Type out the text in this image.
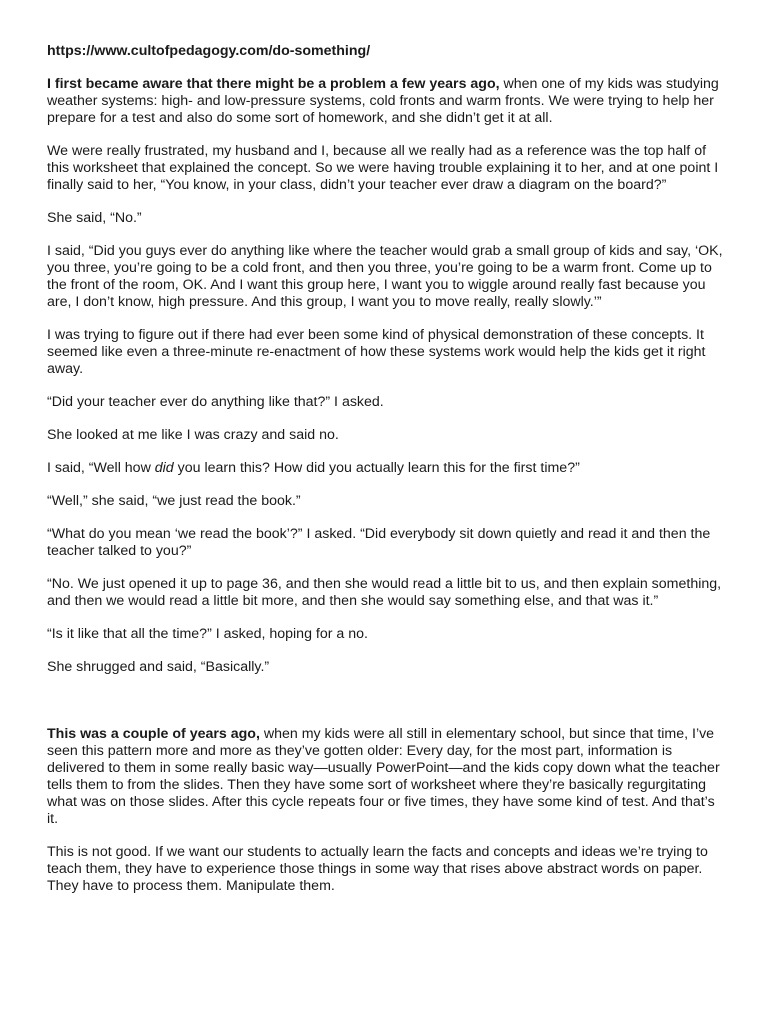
https://www.cultofpedagogy.com/do-something/

I first became aware that there might be a problem a few years ago, when one of my kids was studying weather systems: high- and low-pressure systems, cold fronts and warm fronts. We were trying to help her prepare for a test and also do some sort of homework, and she didn’t get it at all.

We were really frustrated, my husband and I, because all we really had as a reference was the top half of this worksheet that explained the concept. So we were having trouble explaining it to her, and at one point I finally said to her, “You know, in your class, didn’t your teacher ever draw a diagram on the board?”

She said, “No.”

I said, “Did you guys ever do anything like where the teacher would grab a small group of kids and say, ‘OK, you three, you’re going to be a cold front, and then you three, you’re going to be a warm front. Come up to the front of the room, OK. And I want this group here, I want you to wiggle around really fast because you are, I don’t know, high pressure. And this group, I want you to move really, really slowly.’”

I was trying to figure out if there had ever been some kind of physical demonstration of these concepts. It seemed like even a three-minute re-enactment of how these systems work would help the kids get it right away.

“Did your teacher ever do anything like that?” I asked.

She looked at me like I was crazy and said no.

I said, “Well how did you learn this? How did you actually learn this for the first time?”

“Well,” she said, “we just read the book.”

“What do you mean ‘we read the book’?” I asked. “Did everybody sit down quietly and read it and then the teacher talked to you?”

“No. We just opened it up to page 36, and then she would read a little bit to us, and then explain something, and then we would read a little bit more, and then she would say something else, and that was it.”

“Is it like that all the time?” I asked, hoping for a no.

She shrugged and said, “Basically.”

This was a couple of years ago, when my kids were all still in elementary school, but since that time, I’ve seen this pattern more and more as they’ve gotten older: Every day, for the most part, information is delivered to them in some really basic way—usually PowerPoint—and the kids copy down what the teacher tells them to from the slides. Then they have some sort of worksheet where they’re basically regurgitating what was on those slides. After this cycle repeats four or five times, they have some kind of test. And that’s it.

This is not good. If we want our students to actually learn the facts and concepts and ideas we’re trying to teach them, they have to experience those things in some way that rises above abstract words on paper. They have to process them. Manipulate them.
